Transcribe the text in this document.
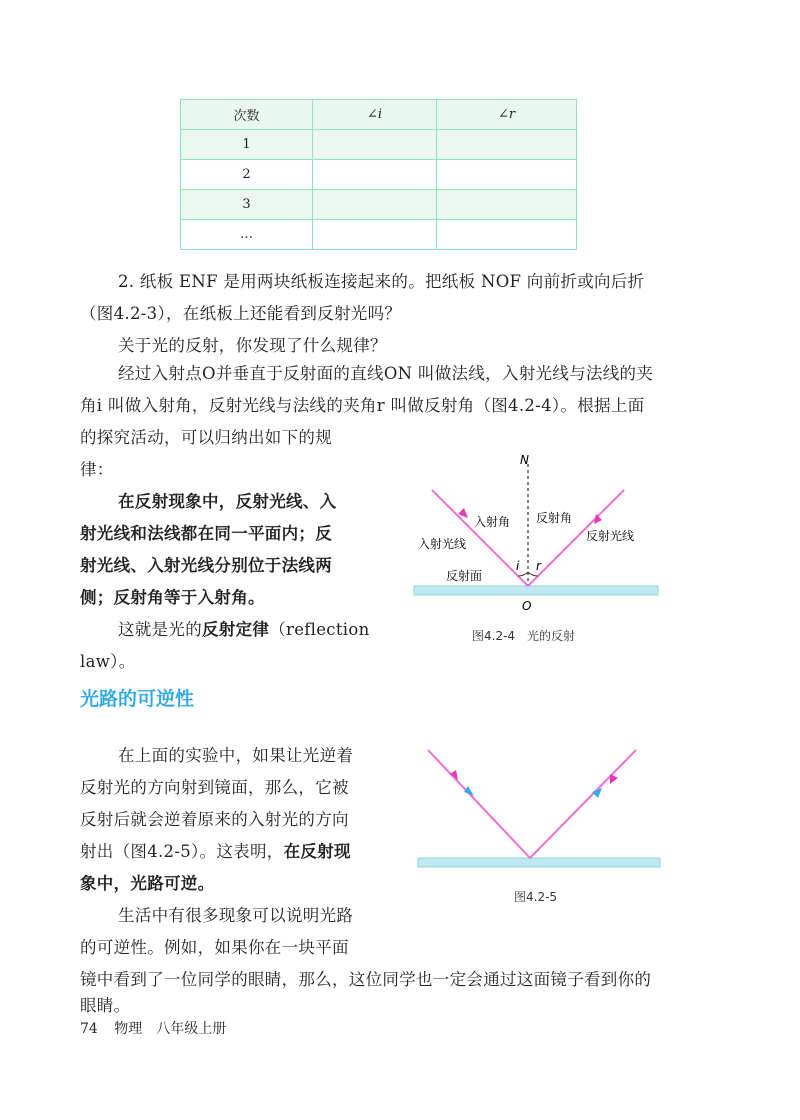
次数	∠i	∠r
1		
2		
3		
…		
2. 纸板 ENF 是用两块纸板连接起来的。把纸板 NOF 向前折或向后折
（图4.2-3），在纸板上还能看到反射光吗？
关于光的反射，你发现了什么规律？
经过入射点O并垂直于反射面的直线ON 叫做法线，入射光线与法线的夹
角i 叫做入射角，反射光线与法线的夹角r 叫做反射角（图4.2-4）。根据上面
的探究活动，可以归纳出如下的规
律：
在反射现象中，反射光线、入
射光线和法线都在同一平面内；反
射光线、入射光线分别位于法线两
侧；反射角等于入射角。
这就是光的反射定律（reflection
N
O
i r
入射角 反射角
入射光线
反射光线
反射面
图4.2-4　光的反射
光路的可逆性
在上面的实验中，如果让光逆着
反射光的方向射到镜面，那么，它被
反射后就会逆着原来的入射光的方向
射出（图4.2-5）。这表明，在反射现
象中，光路可逆。
生活中有很多现象可以说明光路
的可逆性。例如，如果你在一块平面
镜中看到了一位同学的眼睛，那么，这位同学也一定会通过这面镜子看到你的
图4.2-5
74 物理　八年级上册
law）。
眼睛。
